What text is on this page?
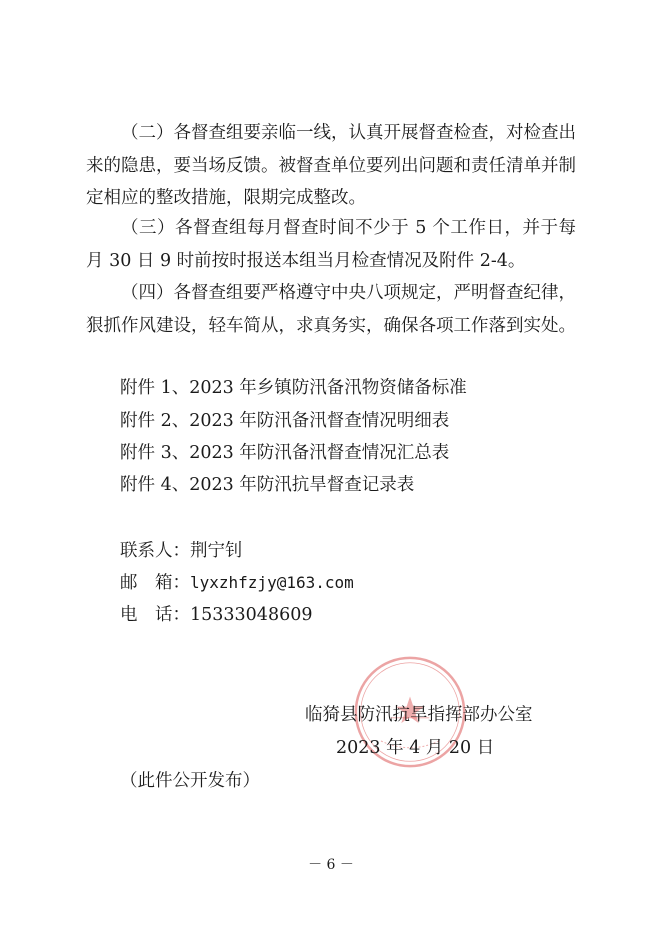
（二）各督查组要亲临一线，认真开展督查检查，对检查出来的隐患，要当场反馈。被督查单位要列出问题和责任清单并制定相应的整改措施，限期完成整改。
（三）各督查组每月督查时间不少于 5 个工作日，并于每月 30 日 9 时前按时报送本组当月检查情况及附件 2-4。
（四）各督查组要严格遵守中央八项规定，严明督查纪律，狠抓作风建设，轻车简从，求真务实，确保各项工作落到实处。
附件 1、2023 年乡镇防汛备汛物资储备标准
附件 2、2023 年防汛备汛督查情况明细表
附件 3、2023 年防汛备汛督查情况汇总表
附件 4、2023 年防汛抗旱督查记录表
联系人：荆宁钊
邮　箱：lyxzhfzjy@163.com
电　话：15333048609
临猗县防汛抗旱指挥部办公室
2023 年 4 月 20 日
（此件公开发布）
－ 6 －
